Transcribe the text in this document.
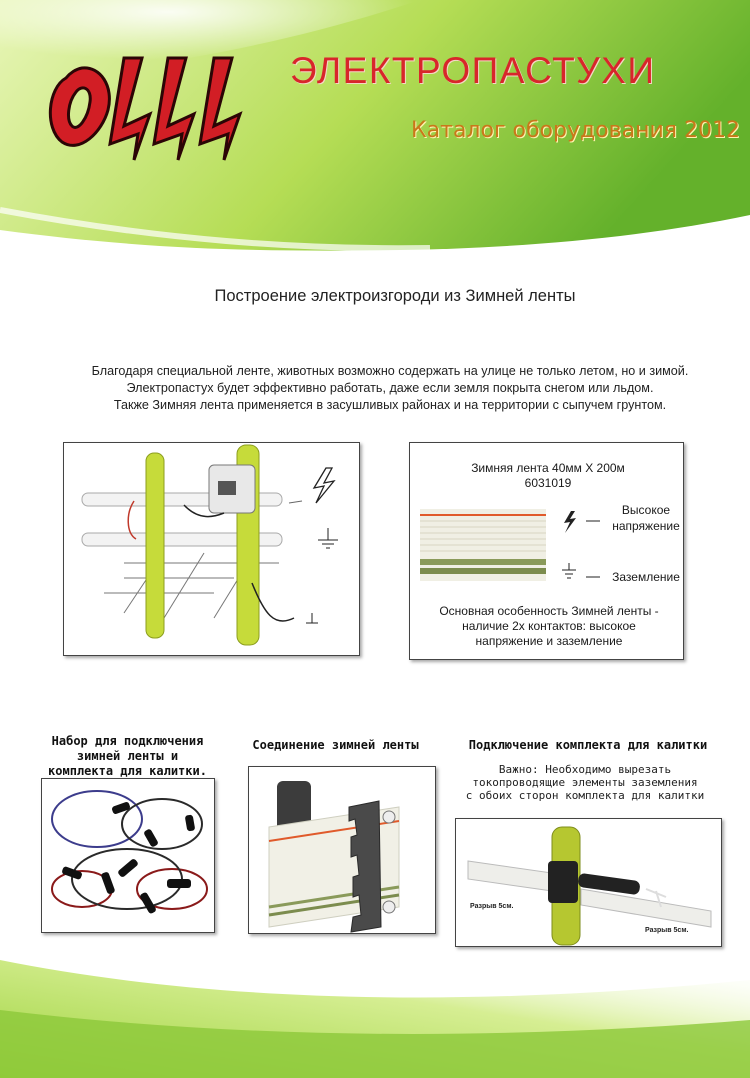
ЭЛЕКТРОПАСТУХИ
Каталог оборудования 2012
Построение электроизгороди из Зимней ленты

Благодаря специальной ленте, животных возможно содержать на улице не только летом, но и зимой.

Электропастух будет эффективно работать, даже если земля покрыта снегом или льдом.

Также Зимняя лента применяется в засушливых районах и на территории с сыпучем грунтом.

Зимняя лента 40мм Х 200м
6031019
Высокое
напряжение
Заземление
Основная особенность Зимней ленты -
наличие 2х контактов: высокое
напряжение и заземление
Набор для подключения
зимней ленты и
комплекта для калитки.
Соединение зимней ленты	Подключение комплекта для калитки
Важно: Необходимо вырезать
токопроводящие элементы заземления
с обоих сторон комплекта для калитки
Разрыв 5см.
Разрыв 5см.
